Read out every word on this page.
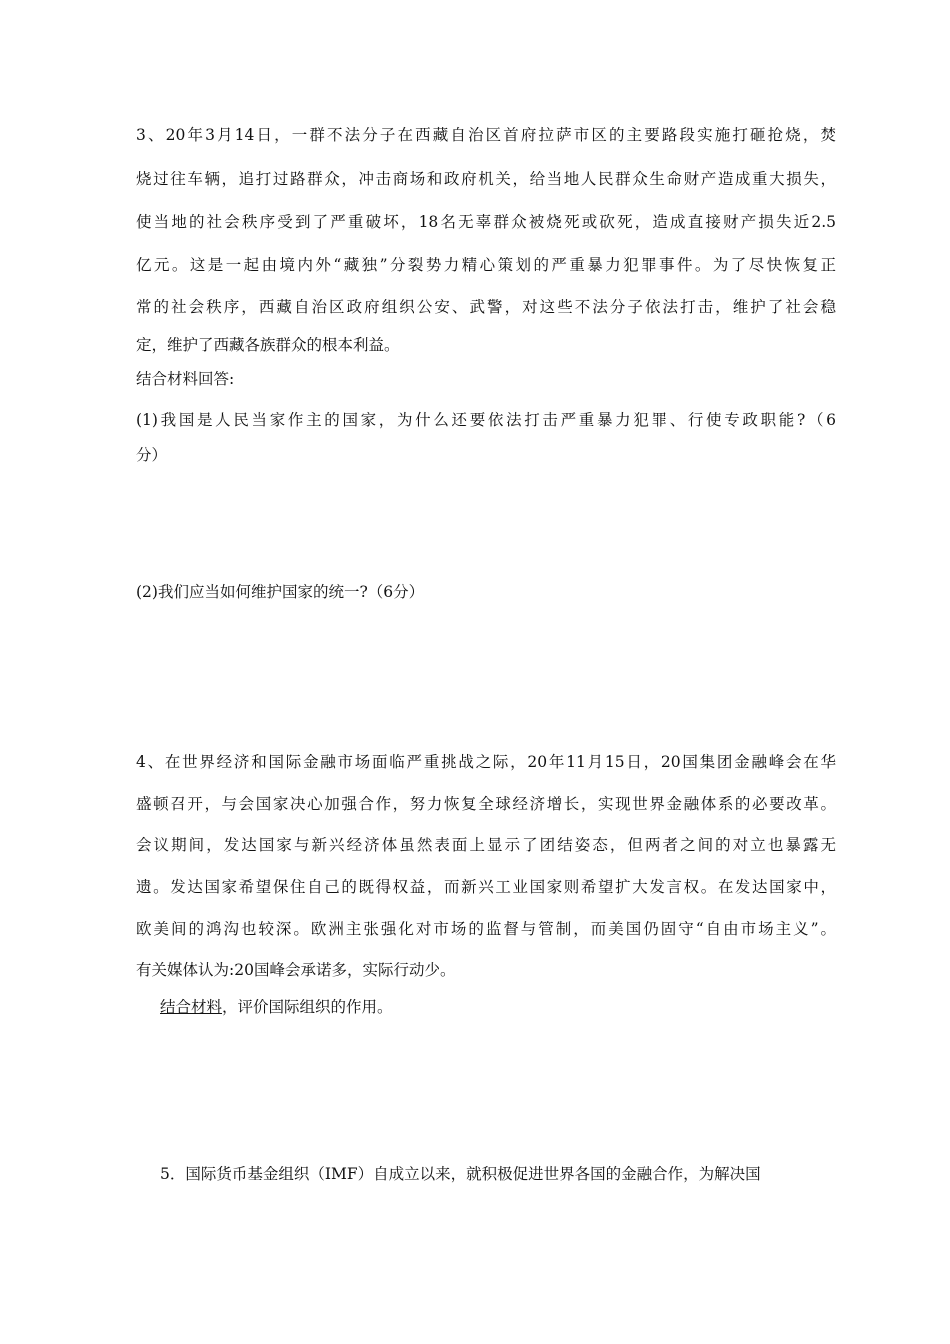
3、20年3月14日，一群不法分子在西藏自治区首府拉萨市区的主要路段实施打砸抢烧，焚
烧过往车辆，追打过路群众，冲击商场和政府机关，给当地人民群众生命财产造成重大损失，
使当地的社会秩序受到了严重破坏，18名无辜群众被烧死或砍死，造成直接财产损失近2.5
亿元。这是一起由境内外“藏独”分裂势力精心策划的严重暴力犯罪事件。为了尽快恢复正
常的社会秩序，西藏自治区政府组织公安、武警，对这些不法分子依法打击，维护了社会稳
定，维护了西藏各族群众的根本利益。
结合材料回答:
(1)我国是人民当家作主的国家，为什么还要依法打击严重暴力犯罪、行使专政职能?（6
分）
(2)我们应当如何维护国家的统一?（6分）
4、在世界经济和国际金融市场面临严重挑战之际，20年11月15日，20国集团金融峰会在华
盛顿召开，与会国家决心加强合作，努力恢复全球经济增长，实现世界金融体系的必要改革。
会议期间，发达国家与新兴经济体虽然表面上显示了团结姿态，但两者之间的对立也暴露无
遗。发达国家希望保住自己的既得权益，而新兴工业国家则希望扩大发言权。在发达国家中，
欧美间的鸿沟也较深。欧洲主张强化对市场的监督与管制，而美国仍固守“自由市场主义”。
有关媒体认为:20国峰会承诺多，实际行动少。
结合材料，评价国际组织的作用。
5．国际货币基金组织（IMF）自成立以来，就积极促进世界各国的金融合作，为解决国
